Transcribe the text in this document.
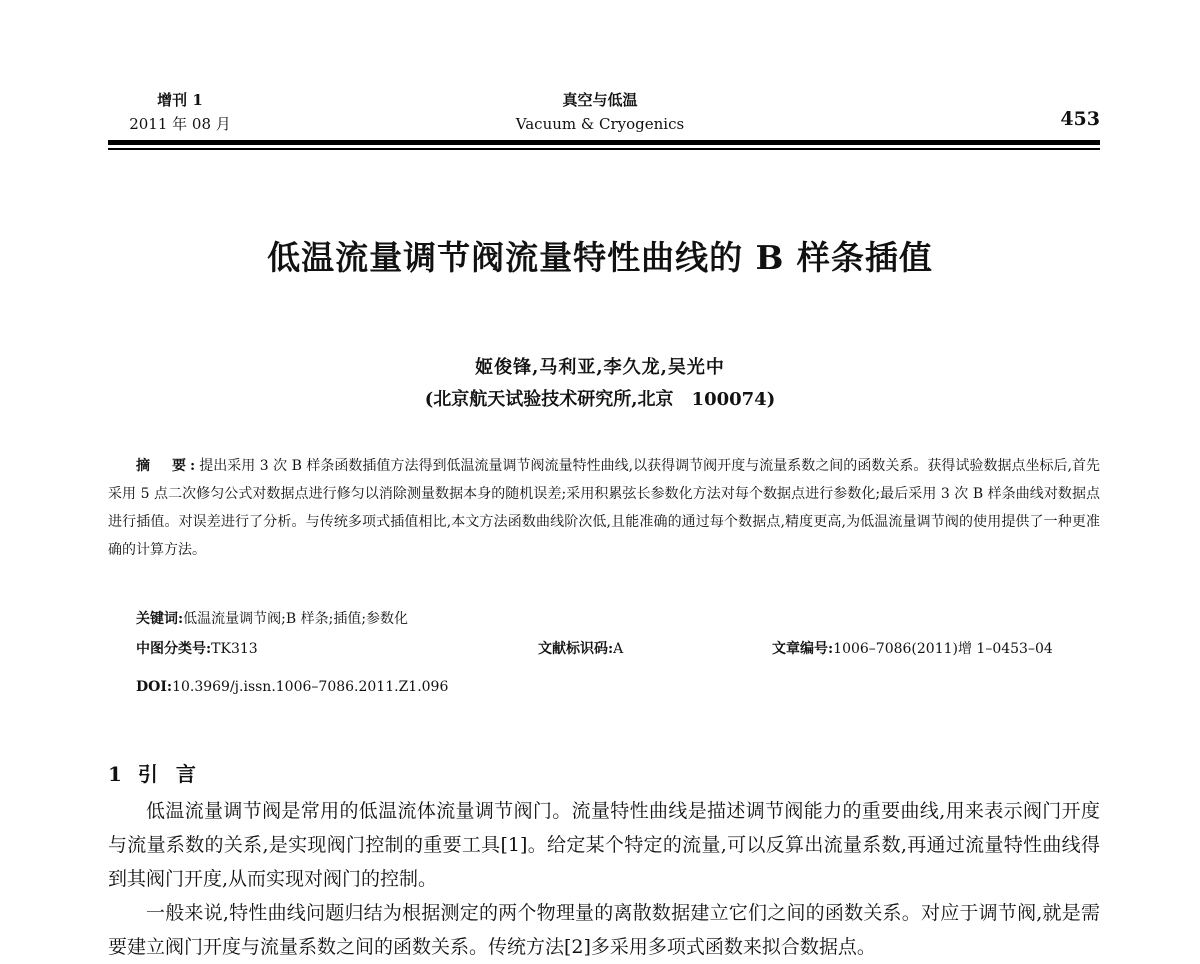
增刊 1
2011 年 08 月
真空与低温
Vacuum & Cryogenics	453
低温流量调节阀流量特性曲线的 B 样条插值
姬俊锋,马利亚,李久龙,吴光中
(北京航天试验技术研究所,北京　100074)
摘　要:提出采用 3 次 B 样条函数插值方法得到低温流量调节阀流量特性曲线,以获得调节阀开度与流量系数之间的函数关系。获得试验数据点坐标后,首先采用 5 点二次修匀公式对数据点进行修匀以消除测量数据本身的随机误差;采用积累弦长参数化方法对每个数据点进行参数化;最后采用 3 次 B 样条曲线对数据点进行插值。对误差进行了分析。与传统多项式插值相比,本文方法函数曲线阶次低,且能准确的通过每个数据点,精度更高,为低温流量调节阀的使用提供了一种更准确的计算方法。
关键词:低温流量调节阀;B 样条;插值;参数化
中图分类号:TK313	文献标识码:A	文章编号:1006–7086(2011)增 1–0453–04
DOI:10.3969/j.issn.1006–7086.2011.Z1.096
1 引言

低温流量调节阀是常用的低温流体流量调节阀门。流量特性曲线是描述调节阀能力的重要曲线,用来表示阀门开度与流量系数的关系,是实现阀门控制的重要工具[1]。给定某个特定的流量,可以反算出流量系数,再通过流量特性曲线得到其阀门开度,从而实现对阀门的控制。

一般来说,特性曲线问题归结为根据测定的两个物理量的离散数据建立它们之间的函数关系。对应于调节阀,就是需要建立阀门开度与流量系数之间的函数关系。传统方法[2]多采用多项式函数来拟合数据点。
